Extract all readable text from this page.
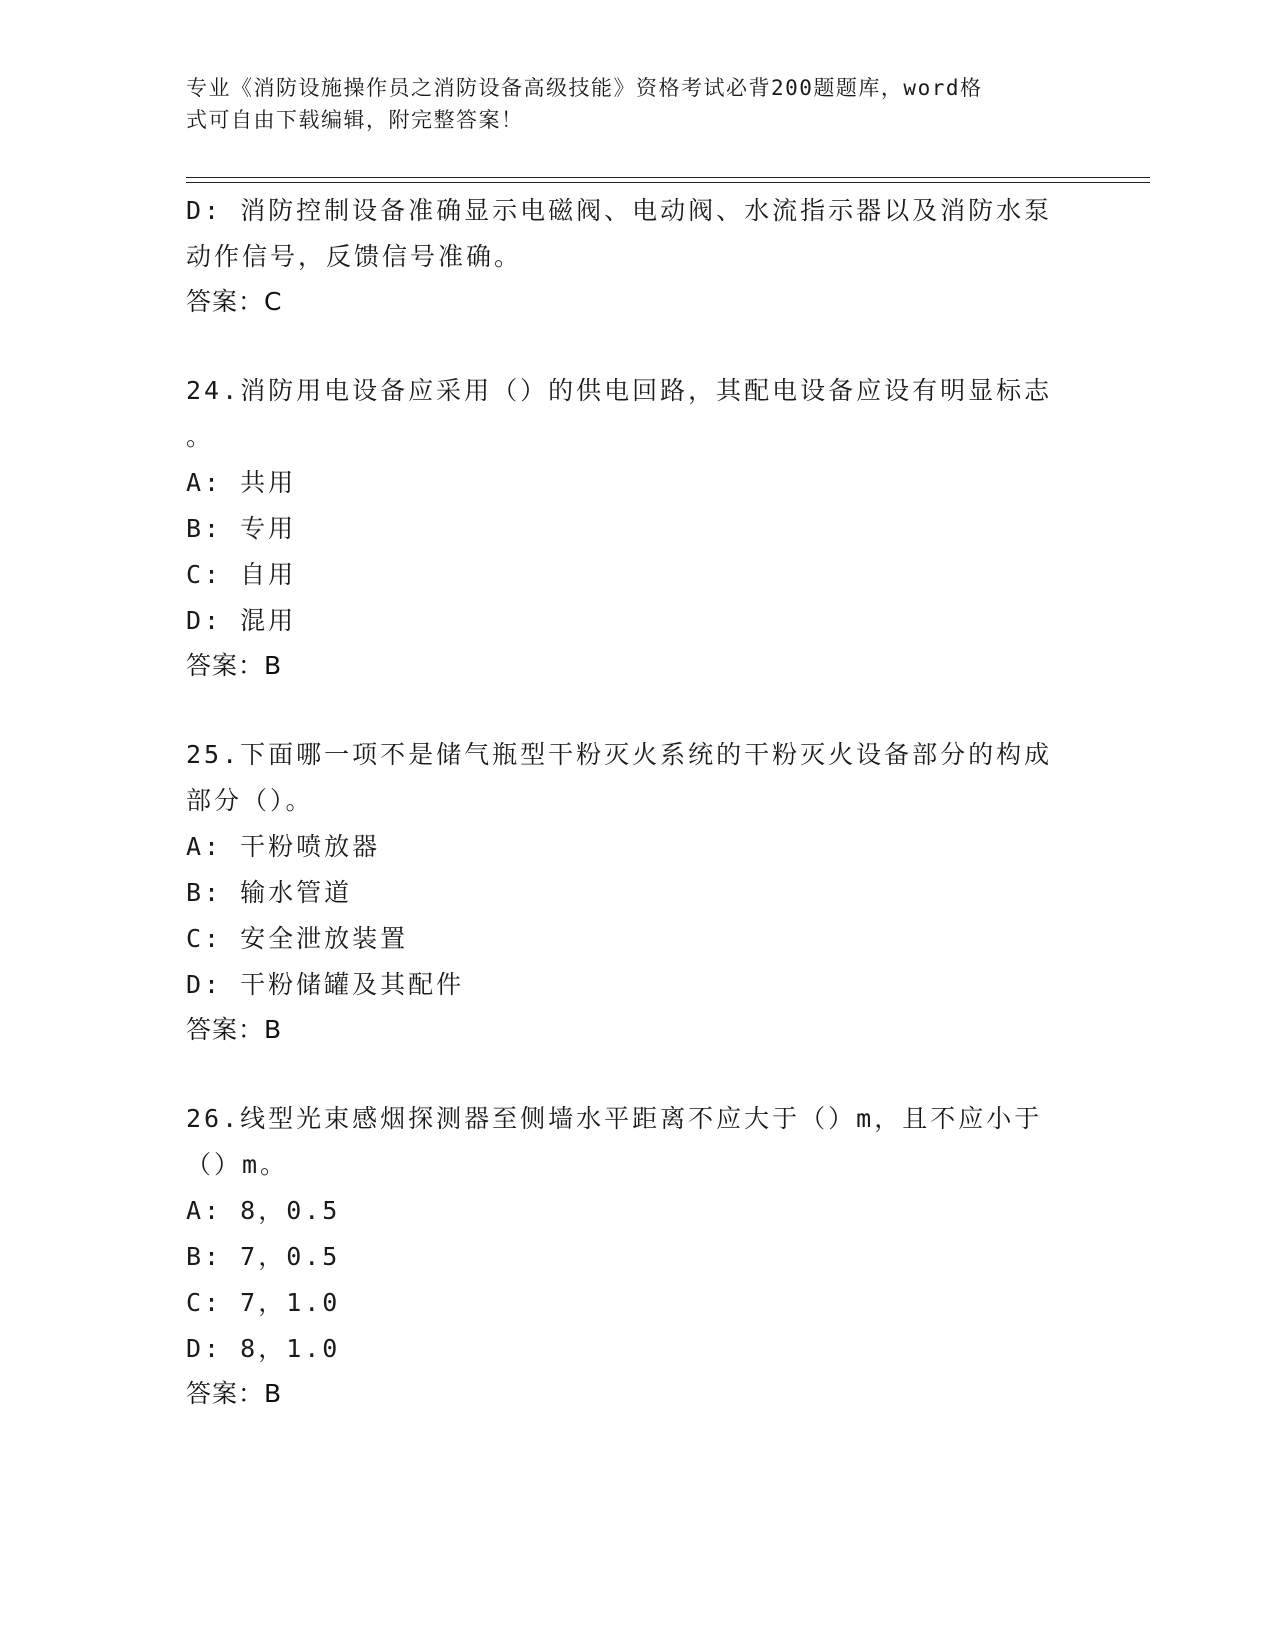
专业《消防设施操作员之消防设备高级技能》资格考试必背200题题库，word格
式可自由下载编辑，附完整答案！
D: 消防控制设备准确显示电磁阀、电动阀、水流指示器以及消防水泵
动作信号，反馈信号准确。
答案：C
24.消防用电设备应采用（）的供电回路，其配电设备应设有明显标志
。
A: 共用
B: 专用
C: 自用
D: 混用
答案：B
25.下面哪一项不是储气瓶型干粉灭火系统的干粉灭火设备部分的构成
部分（）。
A: 干粉喷放器
B: 输水管道
C: 安全泄放装置
D: 干粉储罐及其配件
答案：B
26.线型光束感烟探测器至侧墙水平距离不应大于（）m，且不应小于
（）m。
A: 8，0.5
B: 7，0.5
C: 7，1.0
D: 8，1.0
答案：B
